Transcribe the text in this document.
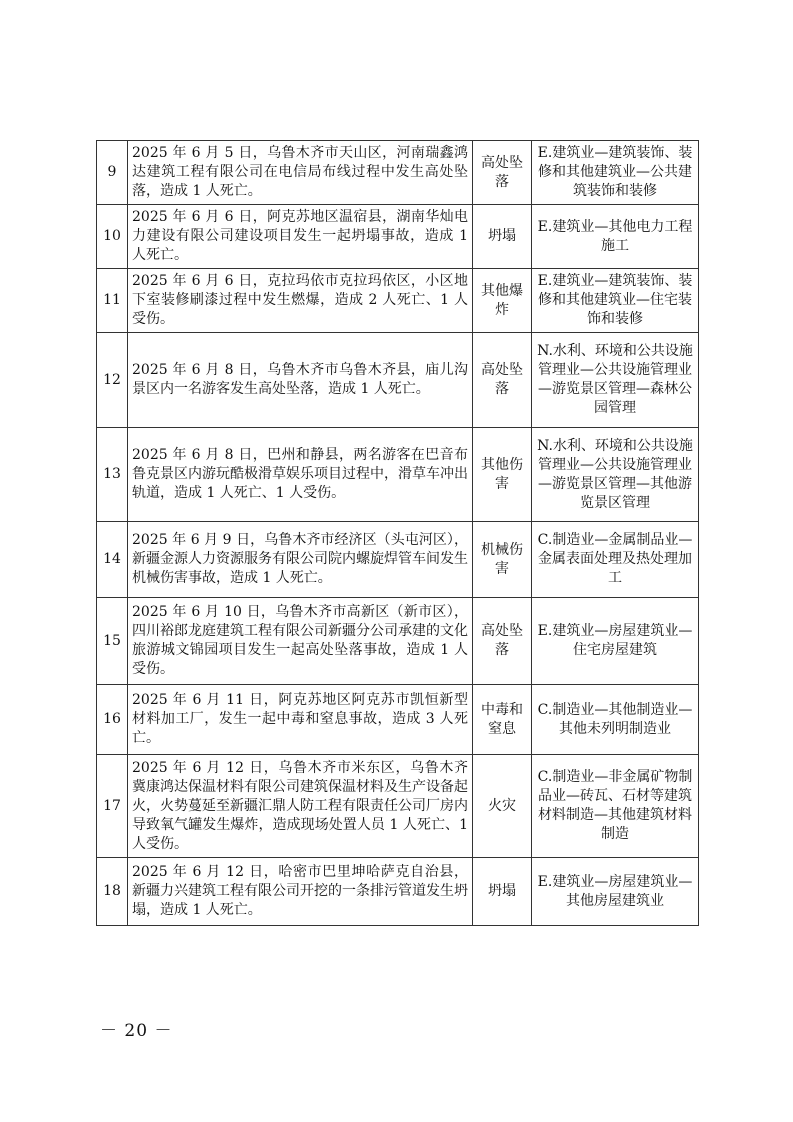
9	2025 年 6 月 5 日，乌鲁木齐市天山区，河南瑞鑫鸿达建筑工程有限公司在电信局布线过程中发生高处坠落，造成 1 人死亡。	高处坠落	E.建筑业—建筑装饰、装修和其他建筑业—公共建筑装饰和装修
10	2025 年 6 月 6 日，阿克苏地区温宿县，湖南华灿电力建设有限公司建设项目发生一起坍塌事故，造成 1 人死亡。	坍塌	E.建筑业—其他电力工程施工
11	2025 年 6 月 6 日，克拉玛依市克拉玛依区，小区地下室装修刷漆过程中发生燃爆，造成 2 人死亡、1 人受伤。	其他爆炸	E.建筑业—建筑装饰、装修和其他建筑业—住宅装饰和装修
12	2025 年 6 月 8 日，乌鲁木齐市乌鲁木齐县，庙儿沟景区内一名游客发生高处坠落，造成 1 人死亡。	高处坠落	N.水利、环境和公共设施管理业—公共设施管理业—游览景区管理—森林公园管理
13	2025 年 6 月 8 日，巴州和静县，两名游客在巴音布鲁克景区内游玩酷极滑草娱乐项目过程中，滑草车冲出轨道，造成 1 人死亡、1 人受伤。	其他伤害	N.水利、环境和公共设施管理业—公共设施管理业—游览景区管理—其他游览景区管理
14	2025 年 6 月 9 日，乌鲁木齐市经济区（头屯河区），新疆金源人力资源服务有限公司院内螺旋焊管车间发生机械伤害事故，造成 1 人死亡。	机械伤害	C.制造业—金属制品业—金属表面处理及热处理加工
15	2025 年 6 月 10 日，乌鲁木齐市高新区（新市区），四川裕郎龙庭建筑工程有限公司新疆分公司承建的文化旅游城文锦园项目发生一起高处坠落事故，造成 1 人受伤。	高处坠落	E.建筑业—房屋建筑业—住宅房屋建筑
16	2025 年 6 月 11 日，阿克苏地区阿克苏市凯恒新型材料加工厂，发生一起中毒和窒息事故，造成 3 人死亡。	中毒和窒息	C.制造业—其他制造业—其他未列明制造业
17	2025 年 6 月 12 日，乌鲁木齐市米东区，乌鲁木齐冀康鸿达保温材料有限公司建筑保温材料及生产设备起火，火势蔓延至新疆汇鼎人防工程有限责任公司厂房内导致氧气罐发生爆炸，造成现场处置人员 1 人死亡、1 人受伤。	火灾	C.制造业—非金属矿物制品业—砖瓦、石材等建筑材料制造—其他建筑材料制造
18	2025 年 6 月 12 日，哈密市巴里坤哈萨克自治县，新疆力兴建筑工程有限公司开挖的一条排污管道发生坍塌，造成 1 人死亡。	坍塌	E.建筑业—房屋建筑业—其他房屋建筑业
－ 20 －
